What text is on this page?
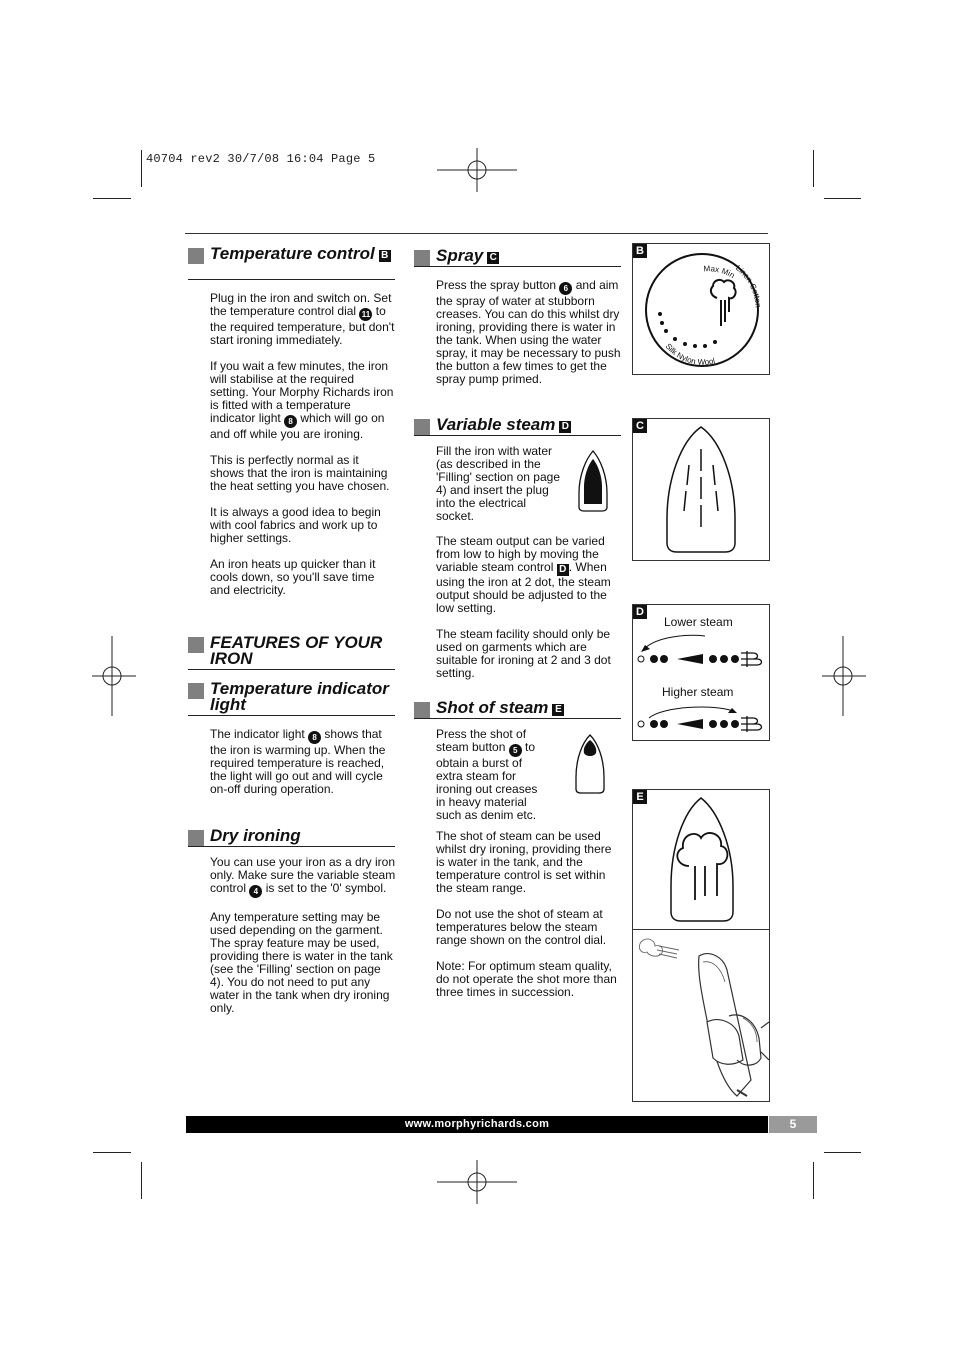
40704 rev2 30/7/08 16:04 Page 5
Temperature control B

Plug in the iron and switch on. Set the temperature control dial 11 to the required temperature, but don't start ironing immediately.

If you wait a few minutes, the iron will stabilise at the required setting. Your Morphy Richards iron is fitted with a temperature indicator light 8 which will go on and off while you are ironing.

This is perfectly normal as it shows that the iron is maintaining the heat setting you have chosen.

It is always a good idea to begin with cool fabrics and work up to higher settings.

An iron heats up quicker than it cools down, so you'll save time and electricity.

FEATURES OF YOUR IRON
Temperature indicator light

The indicator light 8 shows that the iron is warming up. When the required temperature is reached, the light will go out and will cycle on-off during operation.

Dry ironing

You can use your iron as a dry iron only. Make sure the variable steam control 4 is set to the '0' symbol.

Any temperature setting may be used depending on the garment. The spray feature may be used, providing there is water in the tank (see the 'Filling' section on page 4). You do not need to put any water in the tank when dry ironing only.

Spray C

Press the spray button 6 and aim the spray of water at stubborn creases. You can do this whilst dry ironing, providing there is water in the tank. When using the water spray, it may be necessary to push the button a few times to get the spray pump primed.

Variable steam D

Fill the iron with water (as described in the 'Filling' section on page 4) and insert the plug into the electrical socket.

The steam output can be varied from low to high by moving the variable steam control D . When using the iron at 2 dot, the steam output should be adjusted to the low setting.

The steam facility should only be used on garments which are suitable for ironing at 2 and 3 dot setting.

Shot of steam E

Press the shot of steam button 5 to obtain a burst of extra steam for ironing out creases in heavy material such as denim etc.

The shot of steam can be used whilst dry ironing, providing there is water in the tank, and the temperature control is set within the steam range.

Do not use the shot of steam at temperatures below the steam range shown on the control dial.

Note: For optimum steam quality, do not operate the shot more than three times in succession.

B
Max Min
Linen Cotton
Silk Nylon Wool
C
D
Lower steam
Higher steam
E
www.morphyrichards.com	5
